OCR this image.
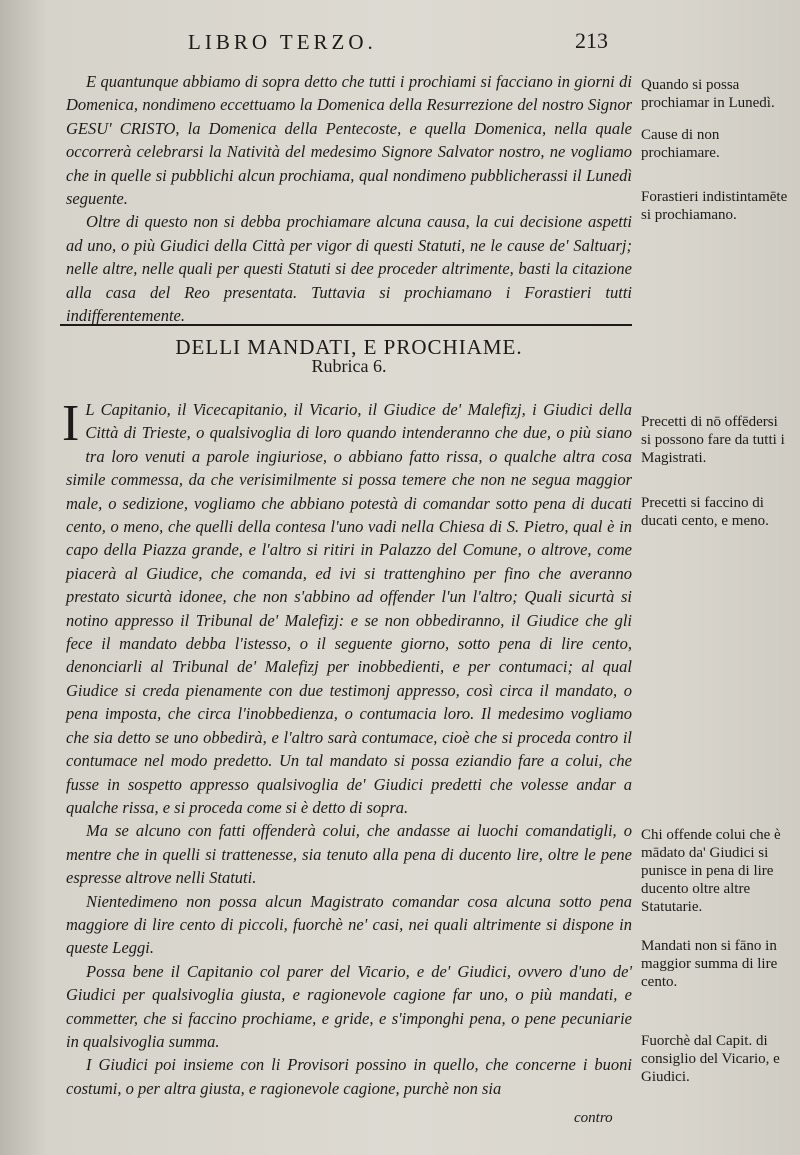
LIBRO TERZO.	213

E quantunque abbiamo di sopra detto che tutti i prochiami si facciano in giorni di Domenica, nondimeno eccettuamo la Domenica della Resurrezione del nostro Signor GESU' CRISTO, la Domenica della Pentecoste, e quella Domenica, nella quale occorrerà celebrarsi la Natività del medesimo Signore Salvator nostro, ne vogliamo che in quelle si pubblichi alcun prochiama, qual nondimeno pubblicherassi il Lunedì seguente.

Oltre di questo non si debba prochiamare alcuna causa, la cui decisione aspetti ad uno, o più Giudici della Città per vigor di questi Statuti, ne le cause de' Saltuarj; nelle altre, nelle quali per questi Statuti si dee proceder altrimente, basti la citazione alla casa del Reo presentata. Tuttavia si prochiamano i Forastieri tutti indifferentemente.

DELLI MANDATI, E PROCHIAME.
Rubrica 6.

I L Capitanio, il Vicecapitanio, il Vicario, il Giudice de' Malefizj, i Giudici della Città di Trieste, o qualsivoglia di loro quando intenderanno che due, o più siano tra loro venuti a parole ingiuriose, o abbiano fatto rissa, o qualche altra cosa simile commessa, da che verisimilmente si possa temere che non ne segua maggior male, o sedizione, vogliamo che abbiano potestà di comandar sotto pena di ducati cento, o meno, che quelli della contesa l'uno vadi nella Chiesa di S. Pietro, qual è in capo della Piazza grande, e l'altro si ritiri in Palazzo del Comune, o altrove, come piacerà al Giudice, che comanda, ed ivi si trattenghino per fino che averanno prestato sicurtà idonee, che non s'abbino ad offender l'un l'altro; Quali sicurtà si notino appresso il Tribunal de' Malefizj: e se non obbediranno, il Giudice che gli fece il mandato debba l'istesso, o il seguente giorno, sotto pena di lire cento, denonciarli al Tribunal de' Malefizj per inobbedienti, e per contumaci; al qual Giudice si creda pienamente con due testimonj appresso, così circa il mandato, o pena imposta, che circa l'inobbedienza, o contumacia loro. Il medesimo vogliamo che sia detto se uno obbedirà, e l'altro sarà contumace, cioè che si proceda contro il contumace nel modo predetto. Un tal mandato si possa eziandio fare a colui, che fusse in sospetto appresso qualsivoglia de' Giudici predetti che volesse andar a qualche rissa, e si proceda come si è detto di sopra.

Ma se alcuno con fatti offenderà colui, che andasse ai luochi comandatigli, o mentre che in quelli si trattenesse, sia tenuto alla pena di ducento lire, oltre le pene espresse altrove nelli Statuti.

Nientedimeno non possa alcun Magistrato comandar cosa alcuna sotto pena maggiore di lire cento di piccoli, fuorchè ne' casi, nei quali altrimente si dispone in queste Leggi.

Possa bene il Capitanio col parer del Vicario, e de' Giudici, ovvero d'uno de' Giudici per qualsivoglia giusta, e ragionevole cagione far uno, o più mandati, e commetter, che si faccino prochiame, e gride, e s'imponghi pena, o pene pecuniarie in qualsivoglia summa.

I Giudici poi insieme con li Provisori possino in quello, che concerne i buoni costumi, o per altra giusta, e ragionevole cagione, purchè non sia

Quando si possa prochiamar in Lunedì.
Cause di non prochiamare.
Forastieri indistintamēte si prochiamano.
Precetti di nō offēdersi si possono fare da tutti i Magistrati.
Precetti si faccino di ducati cento, e meno.
Chi offende colui che è mādato da' Giudici si punisce in pena di lire ducento oltre altre Statutarie.
Mandati non si fāno in maggior summa di lire cento.
Fuorchè dal Capit. di consiglio del Vicario, e Giudici.
contro
